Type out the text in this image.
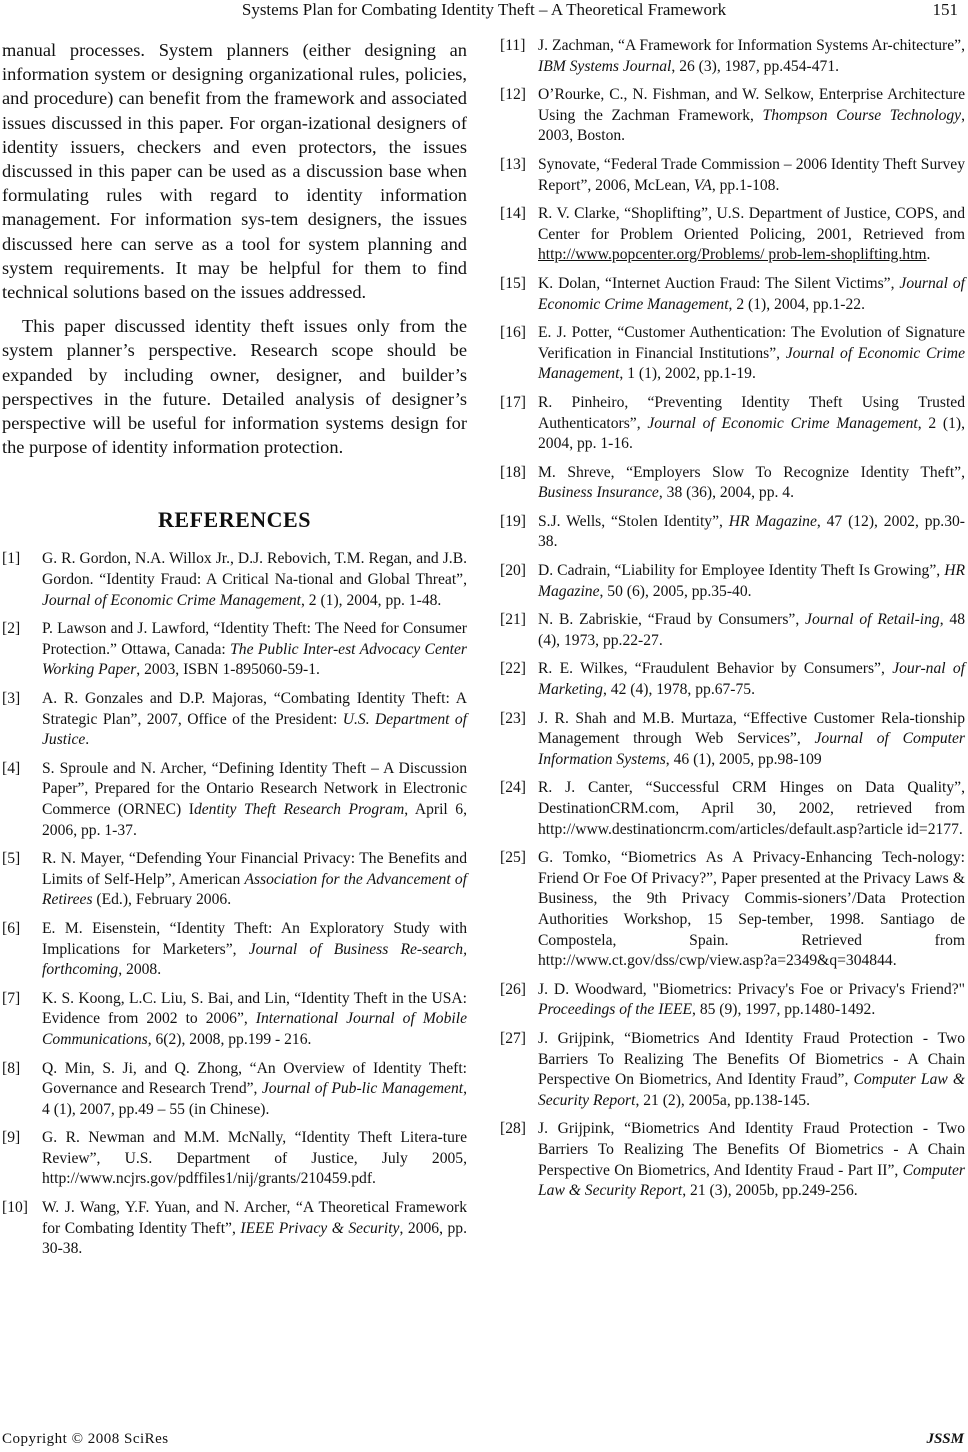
Systems Plan for Combating Identity Theft – A Theoretical Framework	151

manual processes. System planners (either designing an information system or designing organizational rules, policies, and procedure) can benefit from the framework and associated issues discussed in this paper. For organ-izational designers of identity issuers, checkers and even protectors, the issues discussed in this paper can be used as a discussion base when formulating rules with regard to identity information management. For information sys-tem designers, the issues discussed here can serve as a tool for system planning and system requirements. It may be helpful for them to find technical solutions based on the issues addressed.

This paper discussed identity theft issues only from the system planner’s perspective. Research scope should be expanded by including owner, designer, and builder’s perspectives in the future. Detailed analysis of designer’s perspective will be useful for information systems design for the purpose of identity information protection.

REFERENCES
[1] G. R. Gordon, N.A. Willox Jr., D.J. Rebovich, T.M. Regan, and J.B. Gordon. “Identity Fraud: A Critical Na-tional and Global Threat”, Journal of Economic Crime Management, 2 (1), 2004, pp. 1-48.
[2] P. Lawson and J. Lawford, “Identity Theft: The Need for Consumer Protection.” Ottawa, Canada: The Public Inter-est Advocacy Center Working Paper, 2003, ISBN 1-895060-59-1.
[3] A. R. Gonzales and D.P. Majoras, “Combating Identity Theft: A Strategic Plan”, 2007, Office of the President: U.S. Department of Justice.
[4] S. Sproule and N. Archer, “Defining Identity Theft – A Discussion Paper”, Prepared for the Ontario Research Network in Electronic Commerce (ORNEC) Identity Theft Research Program, April 6, 2006, pp. 1-37.
[5] R. N. Mayer, “Defending Your Financial Privacy: The Benefits and Limits of Self-Help”, American Association for the Advancement of Retirees (Ed.), February 2006.
[6] E. M. Eisenstein, “Identity Theft: An Exploratory Study with Implications for Marketers”, Journal of Business Re-search, forthcoming, 2008.
[7] K. S. Koong, L.C. Liu, S. Bai, and Lin, “Identity Theft in the USA: Evidence from 2002 to 2006”, International Journal of Mobile Communications, 6(2), 2008, pp.199 - 216.
[8] Q. Min, S. Ji, and Q. Zhong, “An Overview of Identity Theft: Governance and Research Trend”, Journal of Pub-lic Management, 4 (1), 2007, pp.49 – 55 (in Chinese).
[9] G. R. Newman and M.M. McNally, “Identity Theft Litera-ture Review”, U.S. Department of Justice, July 2005, http://www.ncjrs.gov/pdffiles1/nij/grants/210459.pdf.
[10] W. J. Wang, Y.F. Yuan, and N. Archer, “A Theoretical Framework for Combating Identity Theft”, IEEE Privacy & Security, 2006, pp. 30-38.
[11] J. Zachman, “A Framework for Information Systems Ar-chitecture”, IBM Systems Journal, 26 (3), 1987, pp.454-471.
[12] O’Rourke, C., N. Fishman, and W. Selkow, Enterprise Architecture Using the Zachman Framework, Thompson Course Technology, 2003, Boston.
[13] Synovate, “Federal Trade Commission – 2006 Identity Theft Survey Report”, 2006, McLean, VA, pp.1-108.
[14] R. V. Clarke, “Shoplifting”, U.S. Department of Justice, COPS, and Center for Problem Oriented Policing, 2001, Retrieved from http://www.popcenter.org/Problems/ prob-lem-shoplifting.htm.
[15] K. Dolan, “Internet Auction Fraud: The Silent Victims”, Journal of Economic Crime Management, 2 (1), 2004, pp.1-22.
[16] E. J. Potter, “Customer Authentication: The Evolution of Signature Verification in Financial Institutions”, Journal of Economic Crime Management, 1 (1), 2002, pp.1-19.
[17] R. Pinheiro, “Preventing Identity Theft Using Trusted Authenticators”, Journal of Economic Crime Management, 2 (1), 2004, pp. 1-16.
[18] M. Shreve, “Employers Slow To Recognize Identity Theft”, Business Insurance, 38 (36), 2004, pp. 4.
[19] S.J. Wells, “Stolen Identity”, HR Magazine, 47 (12), 2002, pp.30-38.
[20] D. Cadrain, “Liability for Employee Identity Theft Is Growing”, HR Magazine, 50 (6), 2005, pp.35-40.
[21] N. B. Zabriskie, “Fraud by Consumers”, Journal of Retail-ing, 48 (4), 1973, pp.22-27.
[22] R. E. Wilkes, “Fraudulent Behavior by Consumers”, Jour-nal of Marketing, 42 (4), 1978, pp.67-75.
[23] J. R. Shah and M.B. Murtaza, “Effective Customer Rela-tionship Management through Web Services”, Journal of Computer Information Systems, 46 (1), 2005, pp.98-109
[24] R. J. Canter, “Successful CRM Hinges on Data Quality”, DestinationCRM.com, April 30, 2002, retrieved from http://www.destinationcrm.com/articles/default.asp?article id=2177.
[25] G. Tomko, “Biometrics As A Privacy-Enhancing Tech-nology: Friend Or Foe Of Privacy?”, Paper presented at the Privacy Laws & Business, the 9th Privacy Commis-sioners’/Data Protection Authorities Workshop, 15 Sep-tember, 1998. Santiago de Compostela, Spain. Retrieved from http://www.ct.gov/dss/cwp/view.asp?a=2349&q=304844.
[26] J. D. Woodward, "Biometrics: Privacy's Foe or Privacy's Friend?" Proceedings of the IEEE, 85 (9), 1997, pp.1480-1492.
[27] J. Grijpink, “Biometrics And Identity Fraud Protection - Two Barriers To Realizing The Benefits Of Biometrics - A Chain Perspective On Biometrics, And Identity Fraud”, Computer Law & Security Report, 21 (2), 2005a, pp.138-145.
[28] J. Grijpink, “Biometrics And Identity Fraud Protection - Two Barriers To Realizing The Benefits Of Biometrics - A Chain Perspective On Biometrics, And Identity Fraud - Part II”, Computer Law & Security Report, 21 (3), 2005b, pp.249-256.
Copyright © 2008 SciRes	JSSM
